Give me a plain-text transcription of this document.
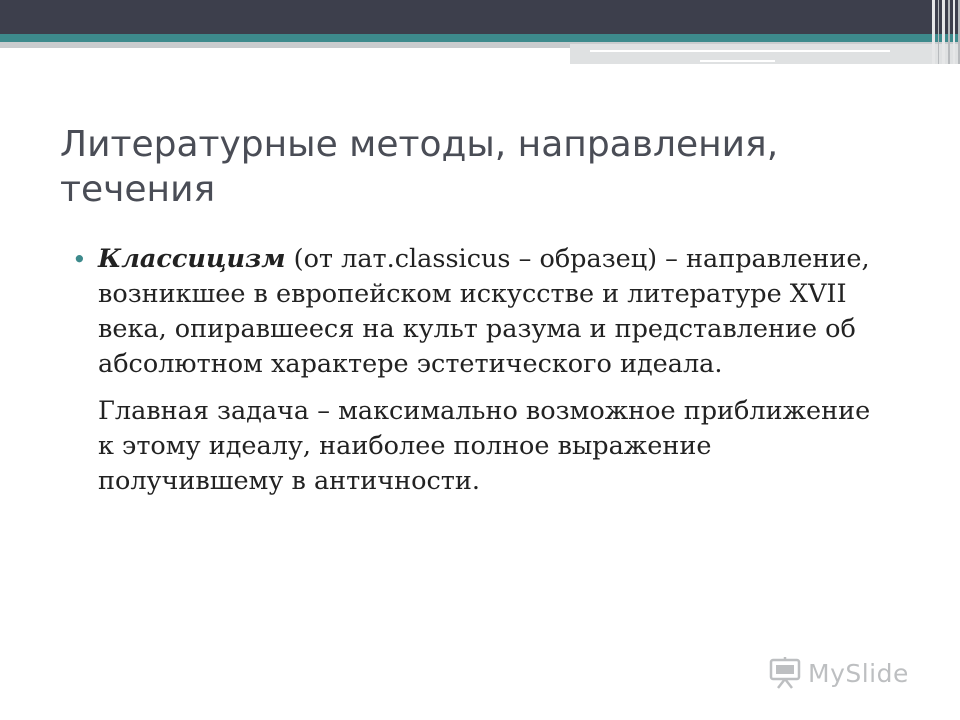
Литературные методы, направления, течения

• Классицизм (от лат.classicus – образец) – направление, возникшее в европейском искусстве и литературе XVII века, опиравшееся на культ разума и представление об абсолютном характере эстетического идеала.

Главная задача – максимально возможное приближение к этому идеалу, наиболее полное выражение получившему в античности.

MySlide
